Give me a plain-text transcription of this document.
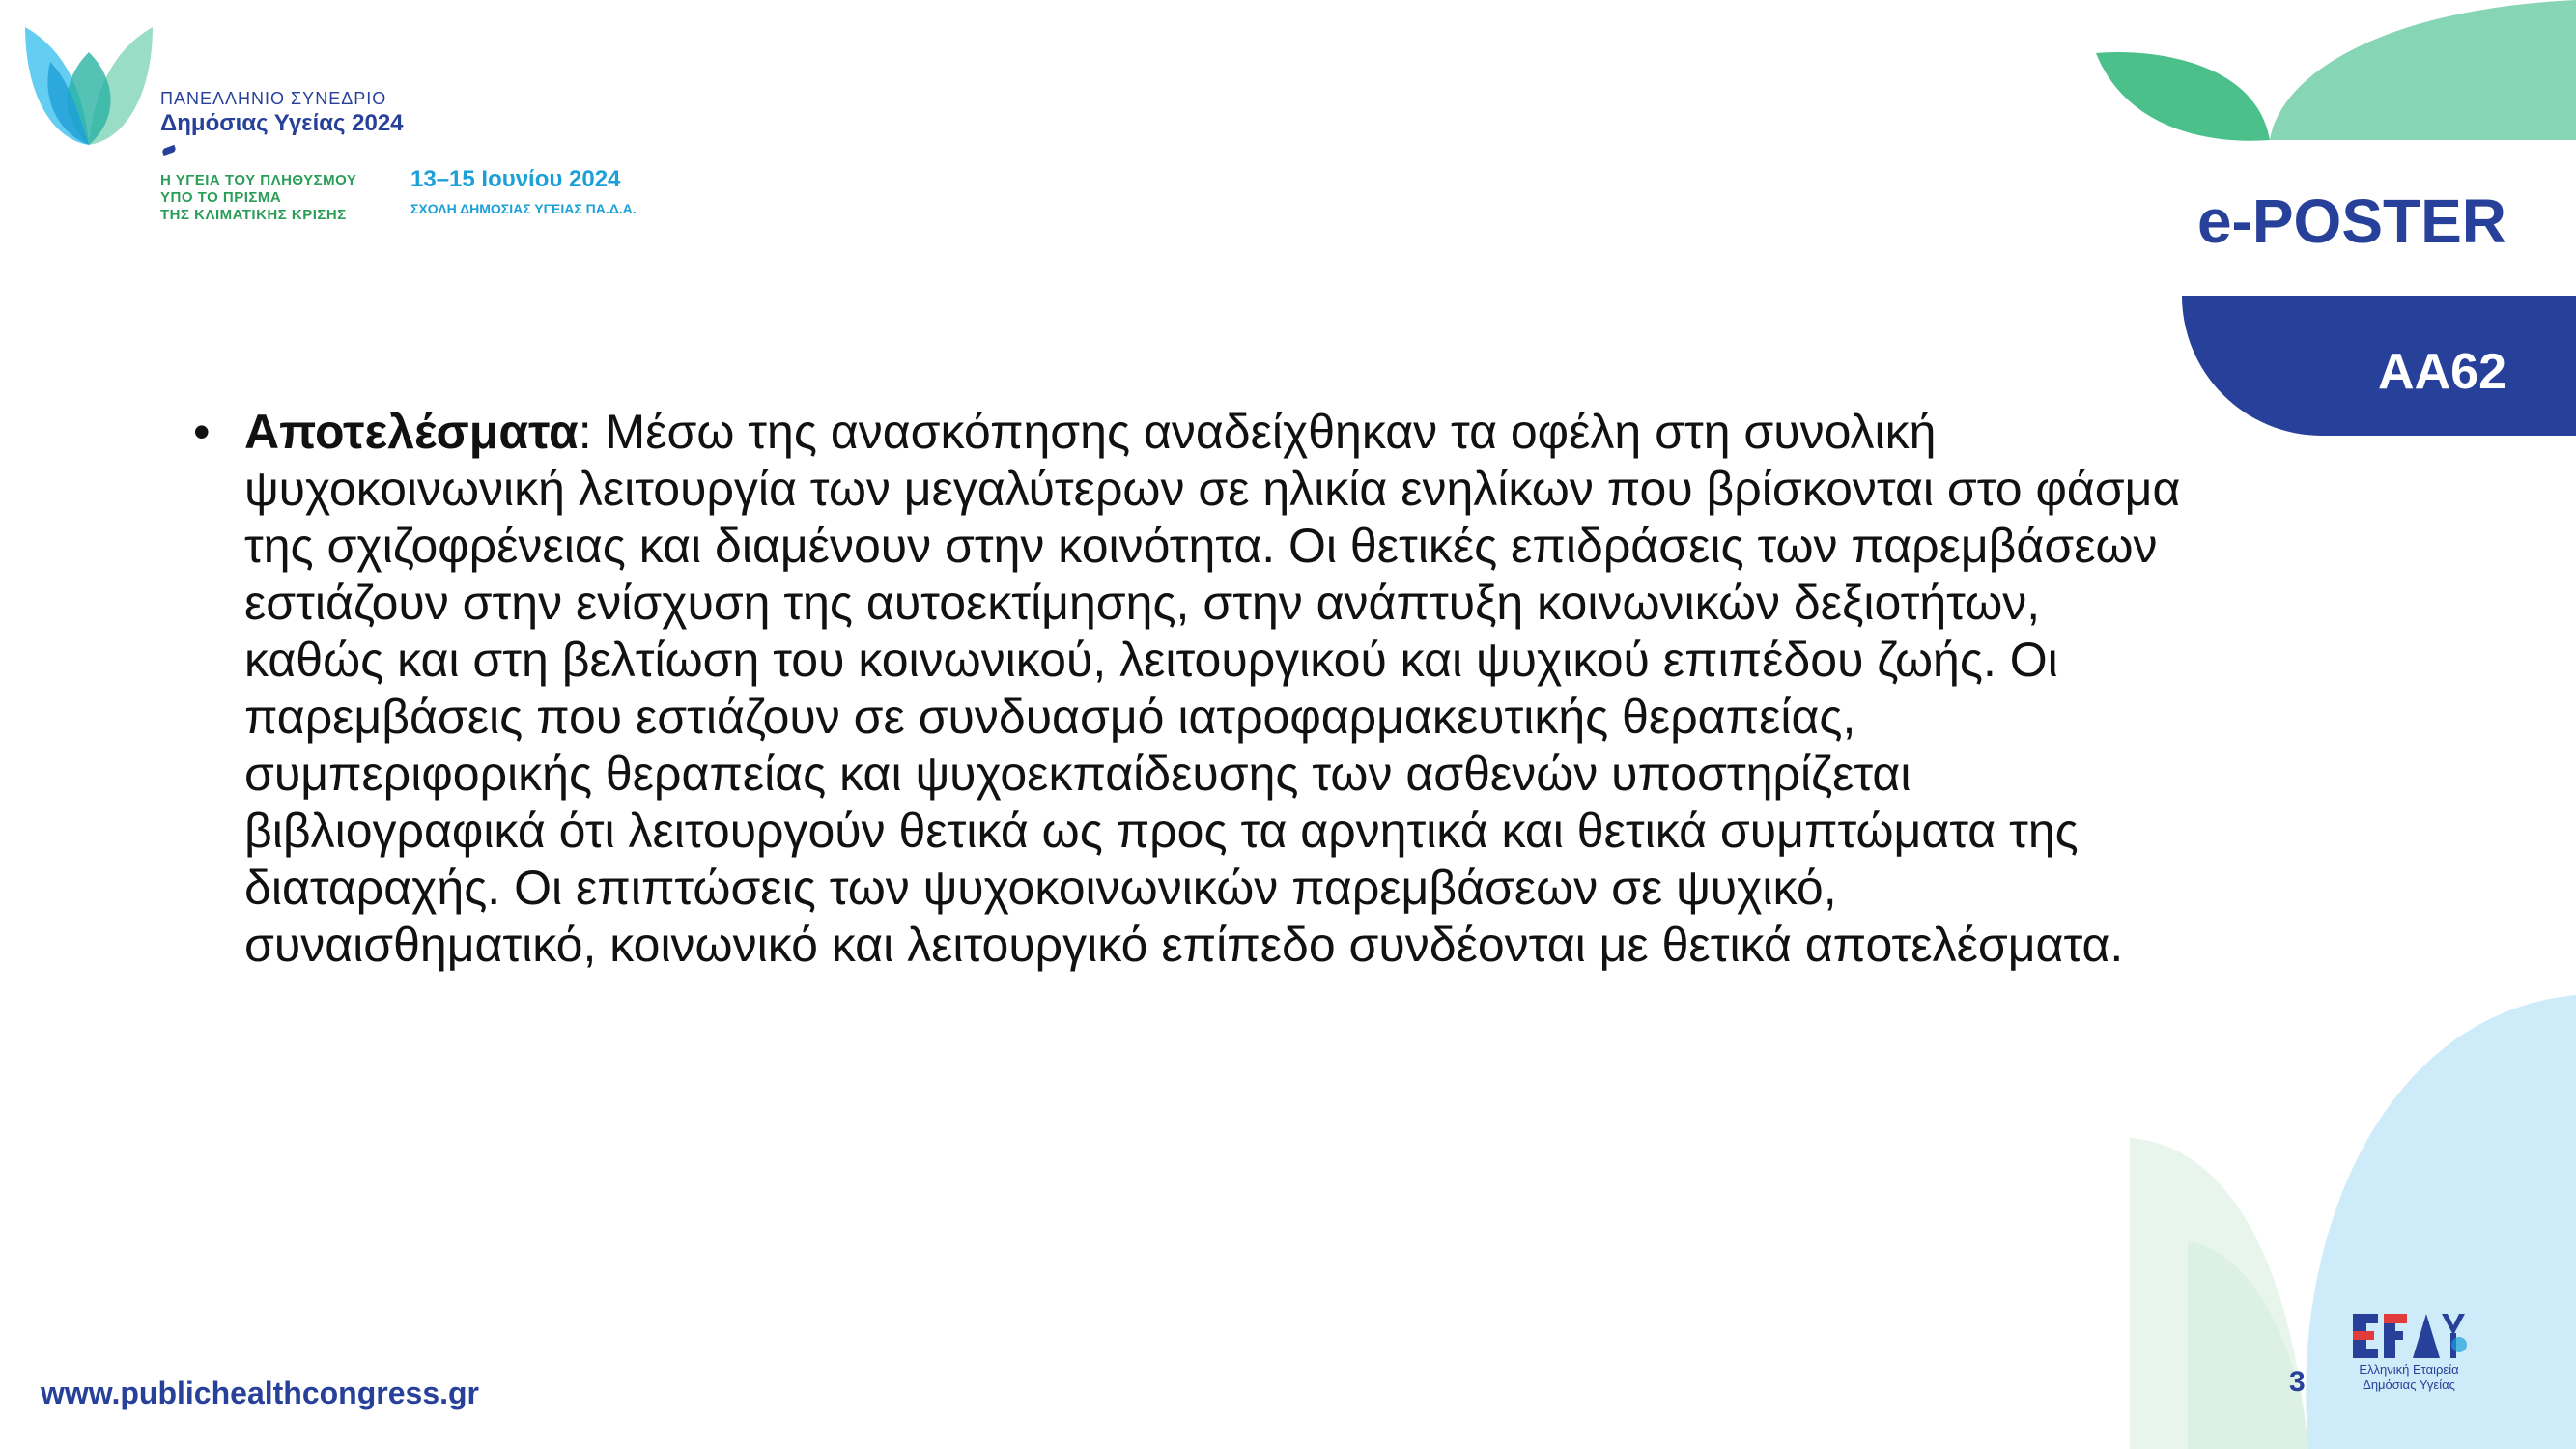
ΠΑΝΕΛΛΗΝΙΟ ΣΥΝΕΔΡΙΟ
Δημόσιας Υγείας 2024
Η ΥΓΕΙΑ ΤΟΥ ΠΛΗΘΥΣΜΟΥ
ΥΠΟ ΤΟ ΠΡΙΣΜΑ
ΤΗΣ ΚΛΙΜΑΤΙΚΗΣ ΚΡΙΣΗΣ
13–15 Ιουνίου 2024
ΣΧΟΛΗ ΔΗΜΟΣΙΑΣ ΥΓΕΙΑΣ ΠΑ.Δ.Α.	e-POSTER
ΑΑ62
• Αποτελέσματα: Μέσω της ανασκόπησης αναδείχθηκαν τα οφέλη στη συνολική ψυχοκοινωνική λειτουργία των μεγαλύτερων σε ηλικία ενηλίκων που βρίσκονται στο φάσμα της σχιζοφρένειας και διαμένουν στην κοινότητα. Οι θετικές επιδράσεις των παρεμβάσεων εστιάζουν στην ενίσχυση της αυτοεκτίμησης, στην ανάπτυξη κοινωνικών δεξιοτήτων, καθώς και στη βελτίωση του κοινωνικού, λειτουργικού και ψυχικού επιπέδου ζωής. Οι παρεμβάσεις που εστιάζουν σε συνδυασμό ιατροφαρμακευτικής θεραπείας, συμπεριφορικής θεραπείας και ψυχοεκπαίδευσης των ασθενών υποστηρίζεται βιβλιογραφικά ότι λειτουργούν θετικά ως προς τα αρνητικά και θετικά συμπτώματα της διαταραχής. Οι επιπτώσεις των ψυχοκοινωνικών παρεμβάσεων σε ψυχικό, συναισθηματικό, κοινωνικό και λειτουργικό επίπεδο συνδέονται με θετικά αποτελέσματα.
www.publichealthcongress.gr	3	Ελληνική Εταιρεία
Δημόσιας Υγείας
